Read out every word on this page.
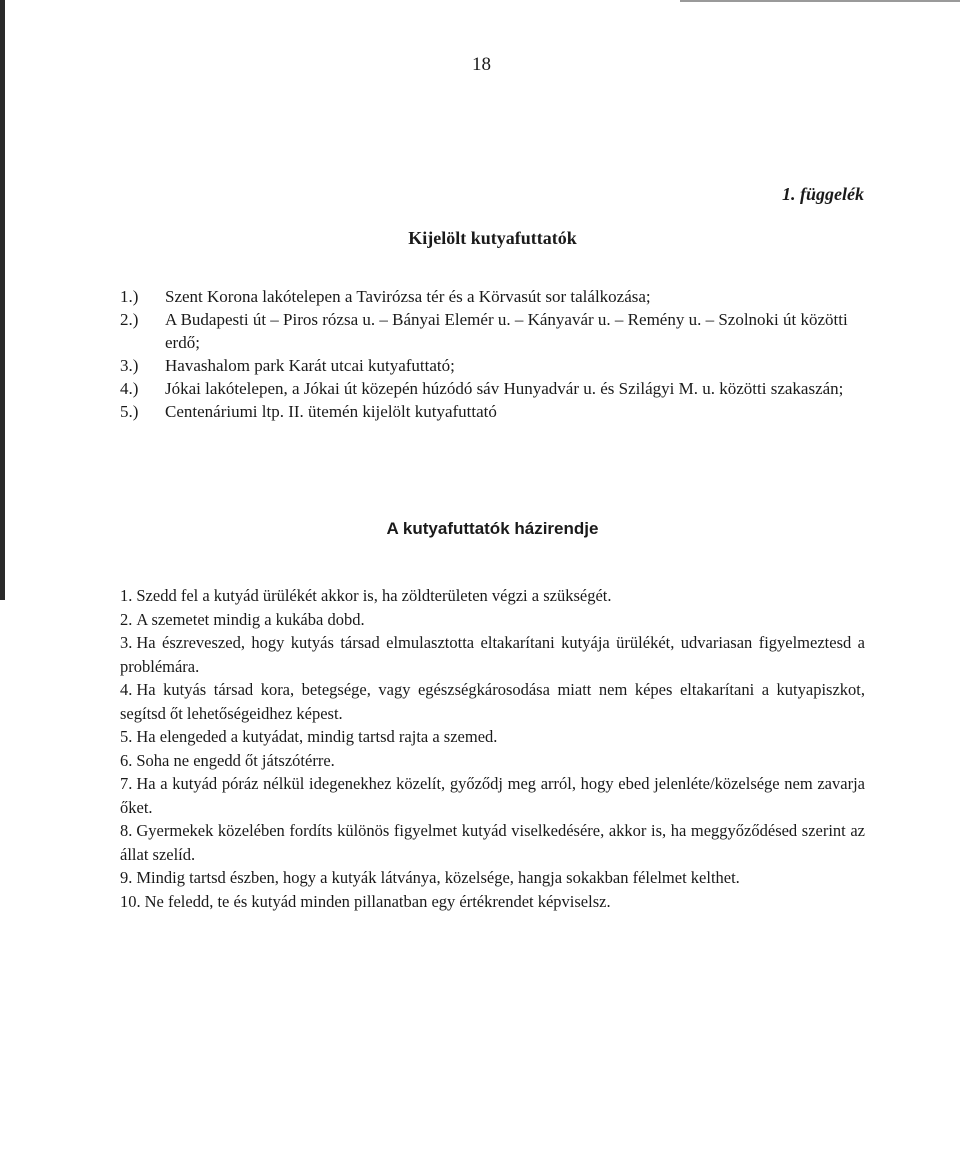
18
1. függelék
Kijelölt kutyafuttatók
1.)	Szent Korona lakótelepen a Tavirózsa tér és a Körvasút sor találkozása;
2.)	A Budapesti út – Piros rózsa u. – Bányai Elemér u. – Kányavár u. – Remény u. – Szolnoki út közötti erdő;
3.)	Havashalom park Karát utcai kutyafuttató;
4.)	Jókai lakótelepen, a Jókai út közepén húzódó sáv Hunyadvár u. és Szilágyi M. u. közötti szakaszán;
5.)	Centenáriumi ltp. II. ütemén kijelölt kutyafuttató
A kutyafuttatók házirendje

1. Szedd fel a kutyád ürülékét akkor is, ha zöldterületen végzi a szükségét.

2. A szemetet mindig a kukába dobd.

3. Ha észreveszed, hogy kutyás társad elmulasztotta eltakarítani kutyája ürülékét, udvariasan figyelmeztesd a problémára.

4. Ha kutyás társad kora, betegsége, vagy egészségkárosodása miatt nem képes eltakarítani a kutyapiszkot, segítsd őt lehetőségeidhez képest.

5. Ha elengeded a kutyádat, mindig tartsd rajta a szemed.

6. Soha ne engedd őt játszótérre.

7. Ha a kutyád póráz nélkül idegenekhez közelít, győződj meg arról, hogy ebed jelenléte/közelsége nem zavarja őket.

8. Gyermekek közelében fordíts különös figyelmet kutyád viselkedésére, akkor is, ha meggyőződésed szerint az állat szelíd.

9. Mindig tartsd észben, hogy a kutyák látványa, közelsége, hangja sokakban félelmet kelthet.

10. Ne feledd, te és kutyád minden pillanatban egy értékrendet képviselsz.
